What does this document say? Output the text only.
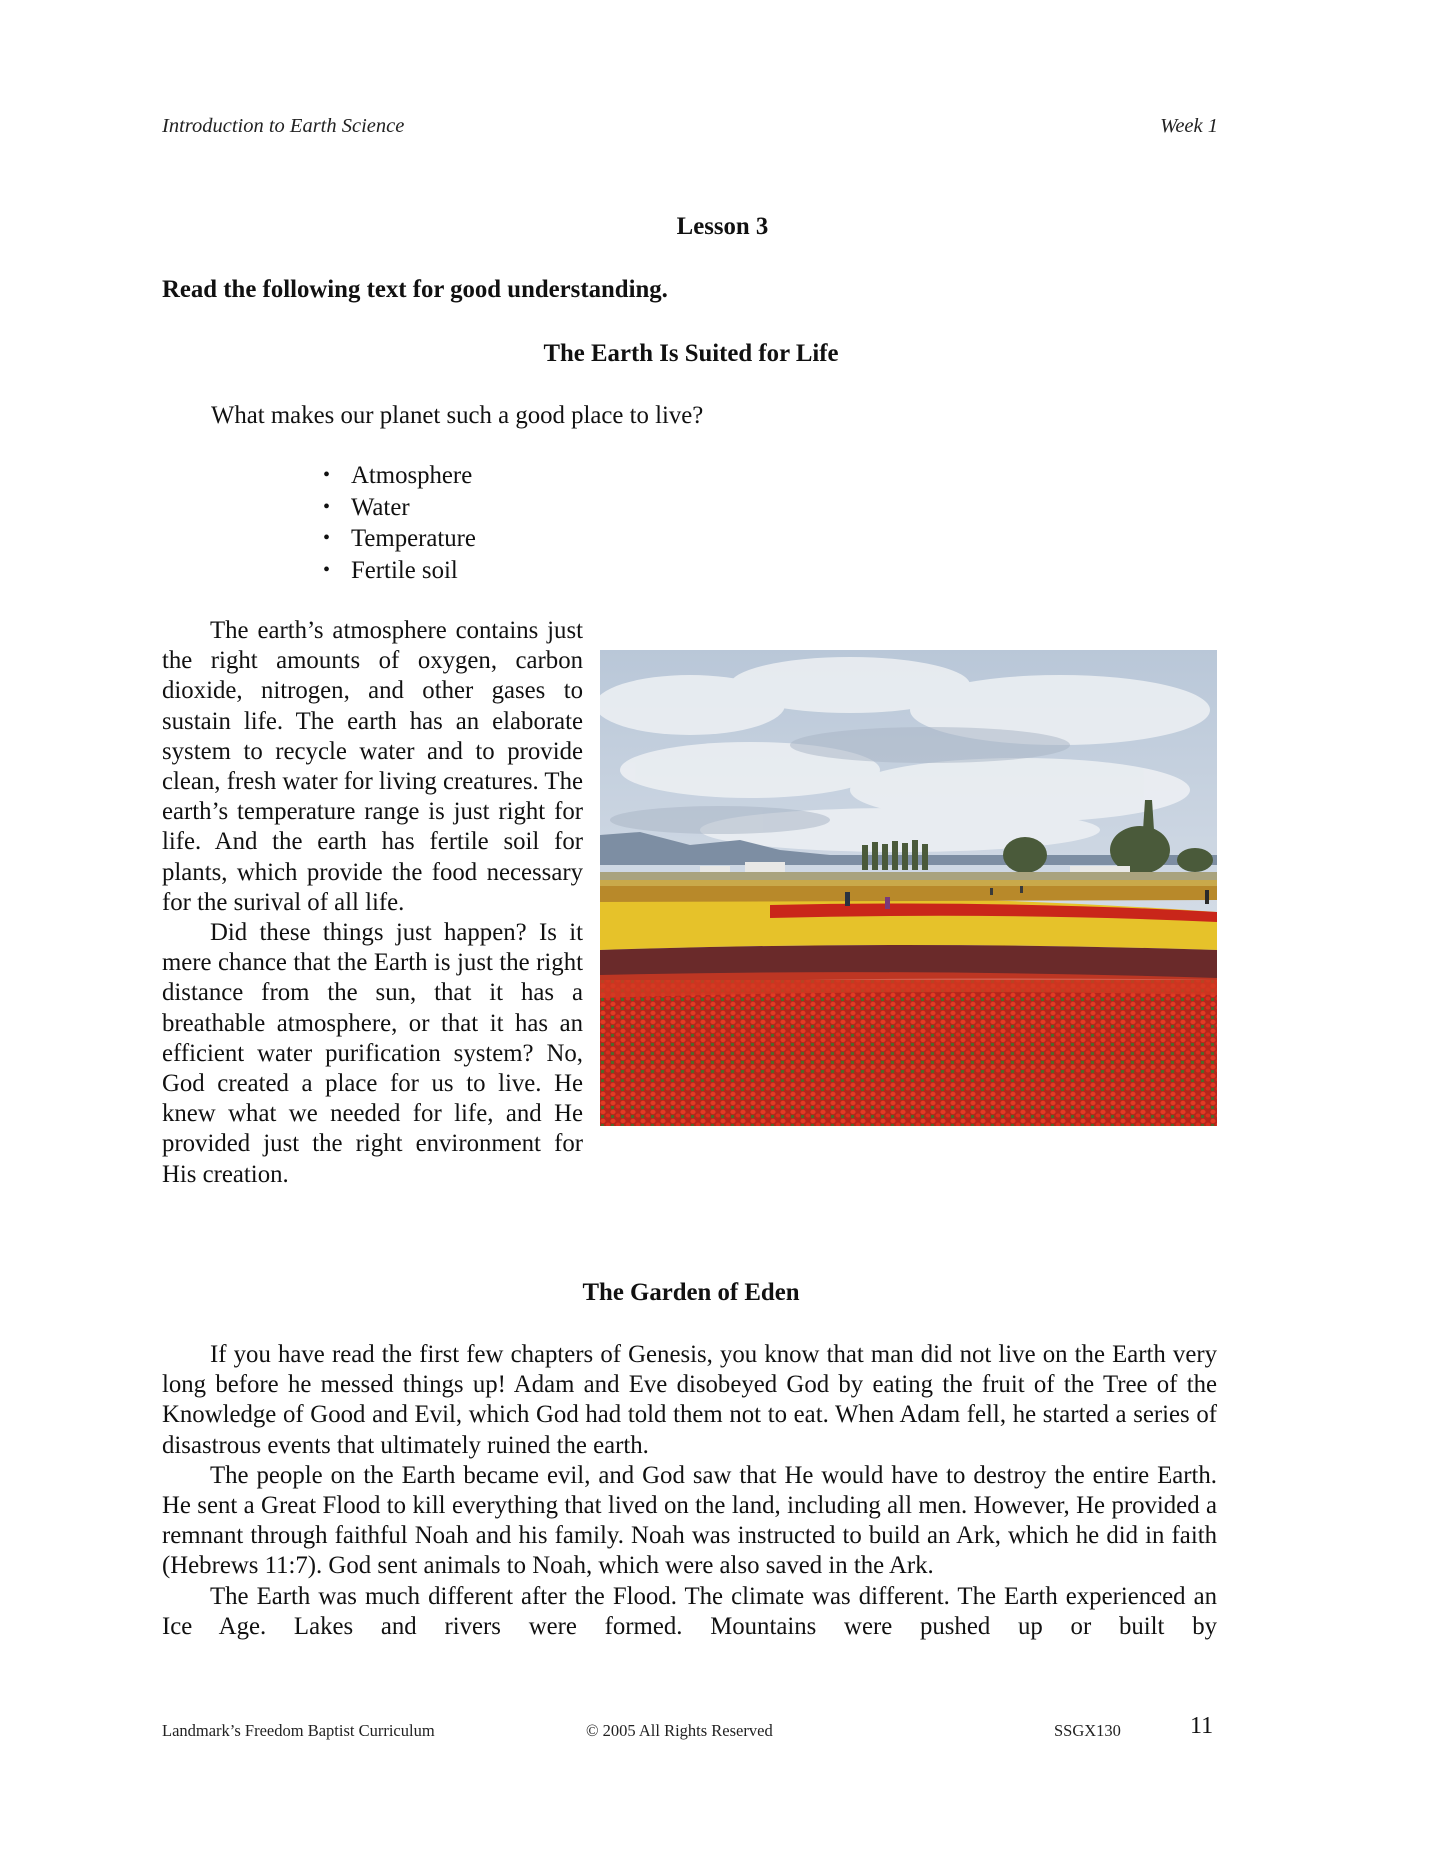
Introduction to Earth Science	Week 1
Lesson 3
Read the following text for good understanding.
The Earth Is Suited for Life
What makes our planet such a good place to live?
• Atmosphere
• Water
• Temperature
• Fertile soil

The earth’s atmosphere contains just the right amounts of oxygen, carbon dioxide, nitrogen, and other gases to sustain life. The earth has an elaborate system to recycle water and to provide clean, fresh water for living creatures. The earth’s temperature range is just right for life. And the earth has fertile soil for plants, which provide the food necessary for the surival of all life.

Did these things just happen? Is it mere chance that the Earth is just the right distance from the sun, that it has a breathable atmosphere, or that it has an efficient water purification system? No, God created a place for us to live. He knew what we needed for life, and He provided just the right environment for His creation.

The Garden of Eden

If you have read the first few chapters of Genesis, you know that man did not live on the Earth very long before he messed things up! Adam and Eve disobeyed God by eating the fruit of the Tree of the Knowledge of Good and Evil, which God had told them not to eat. When Adam fell, he started a series of disastrous events that ultimately ruined the earth.

The people on the Earth became evil, and God saw that He would have to destroy the entire Earth. He sent a Great Flood to kill everything that lived on the land, including all men. However, He provided a remnant through faithful Noah and his family. Noah was instructed to build an Ark, which he did in faith (Hebrews 11:7). God sent animals to Noah, which were also saved in the Ark.

The Earth was much different after the Flood. The climate was different. The Earth experienced an Ice Age. Lakes and rivers were formed. Mountains were pushed up or built by

Landmark’s Freedom Baptist Curriculum	© 2005 All Rights Reserved	SSGX130	11
